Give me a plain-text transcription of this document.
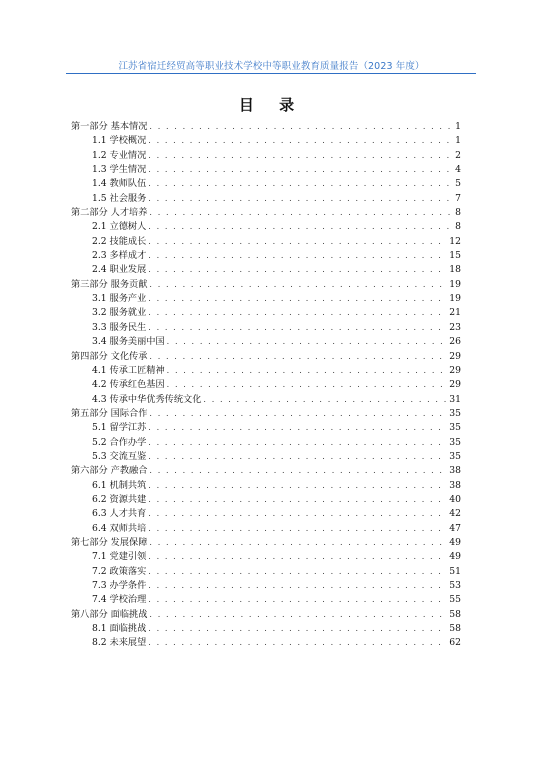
江苏省宿迁经贸高等职业技术学校中等职业教育质量报告（2023 年度）
目 录
第一部分 基本情况 . . .	1
1.1 学校概况 . . .	1
1.2 专业情况 . . .	2
1.3 学生情况 . . .	4
1.4 教师队伍 . . .	5
1.5 社会服务 . . .	7
第二部分 人才培养 . . .	8
2.1 立德树人 . . .	8
2.2 技能成长 . . .	12
2.3 多样成才 . . .	15
2.4 职业发展 . . .	18
第三部分 服务贡献 . . .	19
3.1 服务产业 . . .	19
3.2 服务就业 . . .	21
3.3 服务民生 . . .	23
3.4 服务美丽中国 . . .	26
第四部分 文化传承 . . .	29
4.1 传承工匠精神 . . .	29
4.2 传承红色基因 . . .	29
4.3 传承中华优秀传统文化 . . .	31
第五部分 国际合作 . . .	35
5.1 留学江苏 . . .	35
5.2 合作办学 . . .	35
5.3 交流互鉴 . . .	35
第六部分 产教融合 . . .	38
6.1 机制共筑 . . .	38
6.2 资源共建 . . .	40
6.3 人才共育 . . .	42
6.4 双师共培 . . .	47
第七部分 发展保障 . . .	49
7.1 党建引领 . . .	49
7.2 政策落实 . . .	51
7.3 办学条件 . . .	53
7.4 学校治理 . . .	55
第八部分 面临挑战 . . .	58
8.1 面临挑战 . . .	58
8.2 未来展望 . . .	62
